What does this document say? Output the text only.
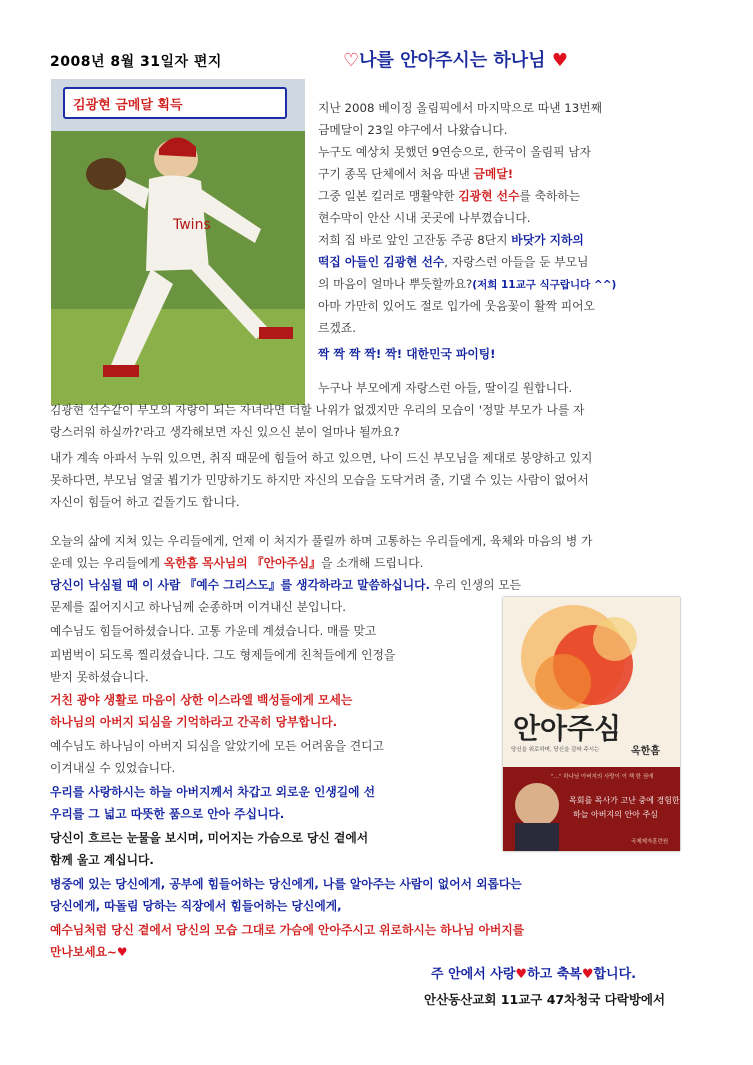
2008년 8월 31일자 편지	♡나를 안아주시는 하나님 ♥
Twins
김광현 금메달 획득	지난 2008 베이징 올림픽에서 마지막으로 따낸 13번째
금메달이 23일 야구에서 나왔습니다.
누구도 예상치 못했던 9연승으로, 한국이 올림픽 남자
구기 종목 단체에서 처음 따낸 금메달!
그중 일본 킬러로 맹활약한 김광현 선수를 축하하는
현수막이 안산 시내 곳곳에 나부꼈습니다.
저희 집 바로 앞인 고잔동 주공 8단지 바닷가 지하의
떡집 아들인 김광현 선수, 자랑스런 아들을 둔 부모님
의 마음이 얼마나 뿌듯할까요?(저희 11교구 식구랍니다 ^^)
아마 가만히 있어도 절로 입가에 웃음꽃이 활짝 피어오
르겠죠.
짝 짝 짝 짝! 짝! 대한민국 파이팅!
누구나 부모에게 자랑스런 아들, 딸이길 원합니다.
김광현 선수같이 부모의 자랑이 되는 자녀라면 더할 나위가 없겠지만 우리의 모습이 '정말 부모가 나를 자
랑스러워 하실까?'라고 생각해보면 자신 있으신 분이 얼마나 될까요?
내가 계속 아파서 누워 있으면, 취직 때문에 힘들어 하고 있으면, 나이 드신 부모님을 제대로 봉양하고 있지
못하다면, 부모님 얼굴 뵙기가 민망하기도 하지만 자신의 모습을 도닥거려 줄, 기댈 수 있는 사람이 없어서
자신이 힘들어 하고 겉돌기도 합니다.
오늘의 삶에 지쳐 있는 우리들에게, 언제 이 처지가 풀릴까 하며 고통하는 우리들에게, 육체와 마음의 병 가
운데 있는 우리들에게 옥한흠 목사님의 『안아주심』을 소개해 드립니다.
당신이 낙심될 때 이 사람 『예수 그리스도』를 생각하라고 말씀하십니다. 우리 인생의 모든
문제를 짊어지시고 하나님께 순종하며 이겨내신 분입니다.
예수님도 힘들어하셨습니다. 고통 가운데 계셨습니다. 매를 맞고
피범벅이 되도록 찔리셨습니다. 그도 형제들에게 친척들에게 인정을
받지 못하셨습니다.
거친 광야 생활로 마음이 상한 이스라엘 백성들에게 모세는
하나님의 아버지 되심을 기억하라고 간곡히 당부합니다.
예수님도 하나님이 아버지 되심을 알았기에 모든 어려움을 견디고
이겨내실 수 있었습니다.
우리를 사랑하시는 하늘 아버지께서 차갑고 외로운 인생길에 선
우리를 그 넓고 따뜻한 품으로 안아 주십니다.
당신이 흐르는 눈물을 보시며, 미어지는 가슴으로 당신 곁에서
함께 울고 계십니다.
병중에 있는 당신에게, 공부에 힘들어하는 당신에게, 나를 알아주는 사람이 없어서 외롭다는
당신에게, 따돌림 당하는 직장에서 힘들어하는 당신에게,
예수님처럼 당신 곁에서 당신의 모습 그대로 가슴에 안아주시고 위로하시는 하나님 아버지를
만나보세요~♥
안아주심
당신을 위로하며, 당신을 감싸 주시는	옥한흠
"…" 하나님 아버지의 사랑이 이 책 한 권에
목회를 목사가 고난 중에 경험한
하늘 아버지의 안아 주심
국제제자훈련원
주 안에서 사랑♥하고 축복♥합니다.
안산동산교회 11교구 47차청국 다락방에서
